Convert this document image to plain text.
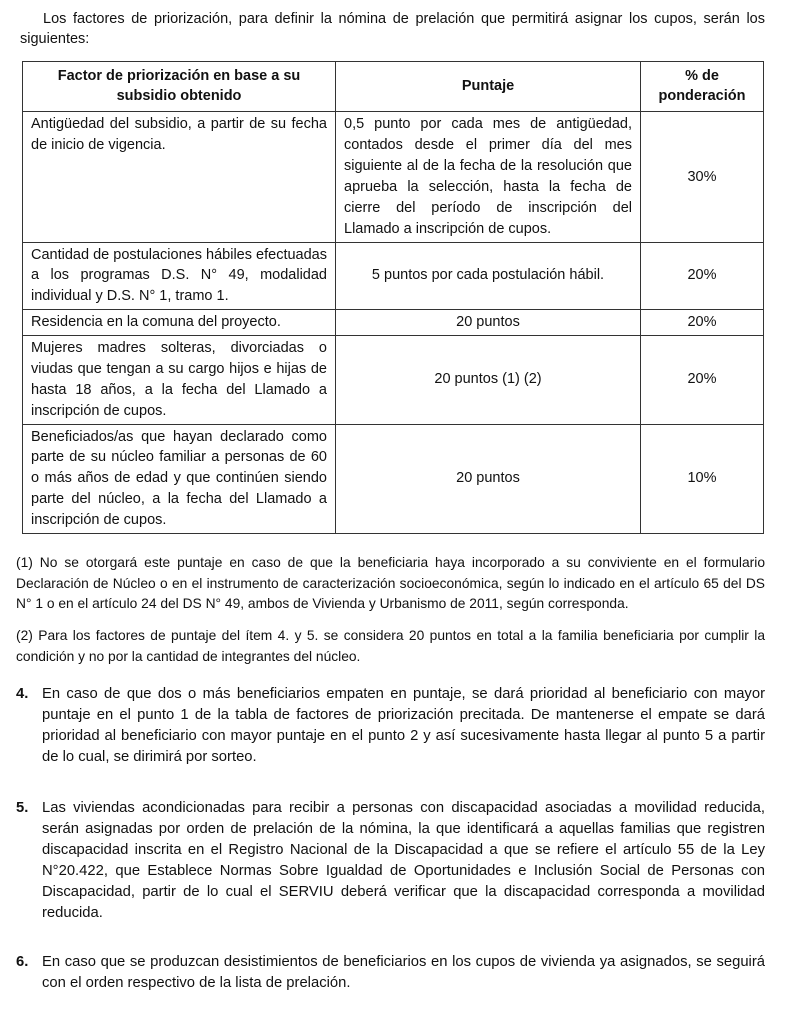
Los factores de priorización, para definir la nómina de prelación que permitirá asignar los cupos, serán los siguientes:

Factor de priorización en base a su subsidio obtenido	Puntaje	% de ponderación
Antigüedad del subsidio, a partir de su fecha de inicio de vigencia.	0,5 punto por cada mes de antigüedad, contados desde el primer día del mes siguiente al de la fecha de la resolución que aprueba la selección, hasta la fecha de cierre del período de inscripción del Llamado a inscripción de cupos.	30%
Cantidad de postulaciones hábiles efectuadas a los programas D.S. N° 49, modalidad individual y D.S. N° 1, tramo 1.	5 puntos por cada postulación hábil.	20%
Residencia en la comuna del proyecto.	20 puntos	20%
Mujeres madres solteras, divorciadas o viudas que tengan a su cargo hijos e hijas de hasta 18 años, a la fecha del Llamado a inscripción de cupos.	20 puntos (1) (2)	20%
Beneficiados/as que hayan declarado como parte de su núcleo familiar a personas de 60 o más años de edad y que continúen siendo parte del núcleo, a la fecha del Llamado a inscripción de cupos.	20 puntos	10%

(1) No se otorgará este puntaje en caso de que la beneficiaria haya incorporado a su conviviente en el formulario Declaración de Núcleo o en el instrumento de caracterización socioeconómica, según lo indicado en el artículo 65 del DS N° 1 o en el artículo 24 del DS N° 49, ambos de Vivienda y Urbanismo de 2011, según corresponda.

(2) Para los factores de puntaje del ítem 4. y 5. se considera 20 puntos en total a la familia beneficiaria por cumplir la condición y no por la cantidad de integrantes del núcleo.

4. En caso de que dos o más beneficiarios empaten en puntaje, se dará prioridad al beneficiario con mayor puntaje en el punto 1 de la tabla de factores de priorización precitada. De mantenerse el empate se dará prioridad al beneficiario con mayor puntaje en el punto 2 y así sucesivamente hasta llegar al punto 5 a partir de lo cual, se dirimirá por sorteo.
5. Las viviendas acondicionadas para recibir a personas con discapacidad asociadas a movilidad reducida, serán asignadas por orden de prelación de la nómina, la que identificará a aquellas familias que registren discapacidad inscrita en el Registro Nacional de la Discapacidad a que se refiere el artículo 55 de la Ley N°20.422, que Establece Normas Sobre Igualdad de Oportunidades e Inclusión Social de Personas con Discapacidad, partir de lo cual el SERVIU deberá verificar que la discapacidad corresponda a movilidad reducida.
6. En caso que se produzcan desistimientos de beneficiarios en los cupos de vivienda ya asignados, se seguirá con el orden respectivo de la lista de prelación.
